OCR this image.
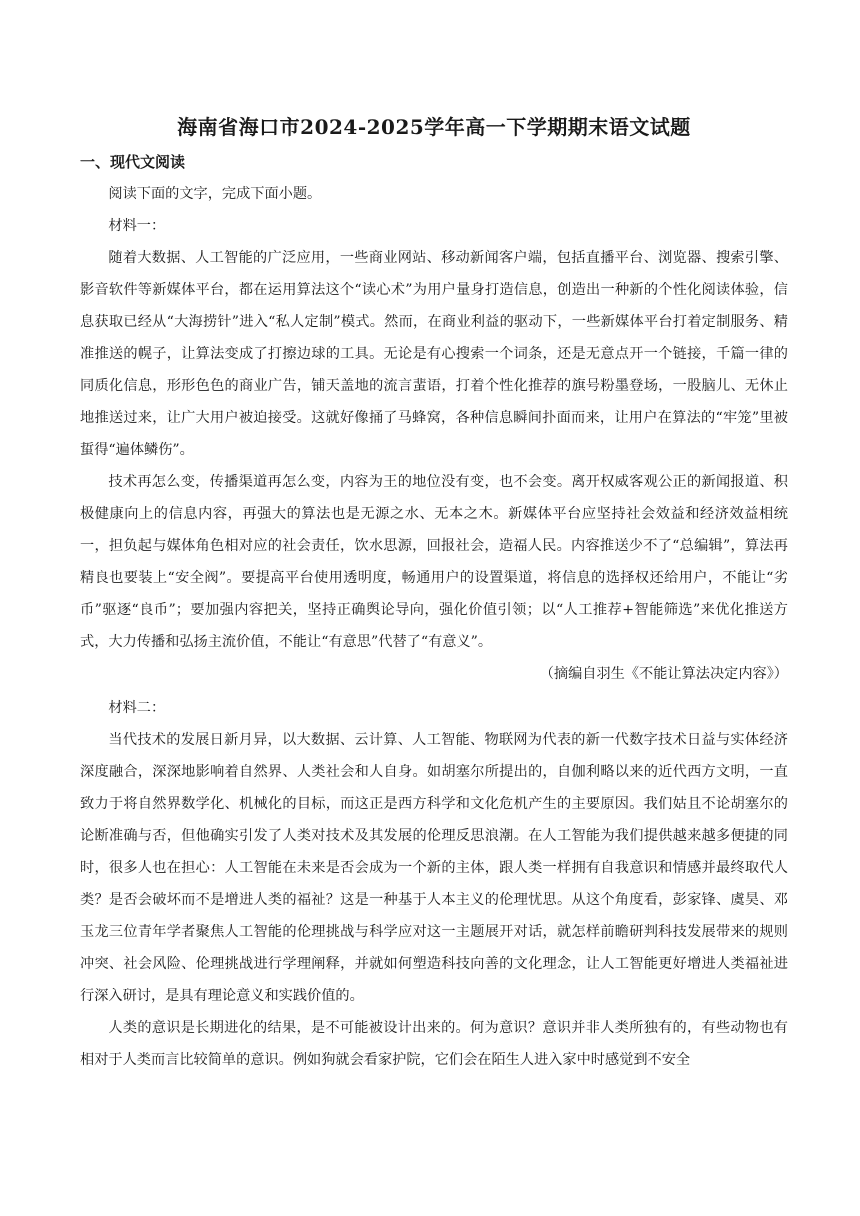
海南省海口市2024-2025学年高一下学期期末语文试题
一、现代文阅读

阅读下面的文字，完成下面小题。

材料一：

随着大数据、人工智能的广泛应用，一些商业网站、移动新闻客户端，包括直播平台、浏览器、搜索引擎、影音软件等新媒体平台，都在运用算法这个“读心术”为用户量身打造信息，创造出一种新的个性化阅读体验，信息获取已经从“大海捞针”进入“私人定制”模式。然而，在商业利益的驱动下，一些新媒体平台打着定制服务、精准推送的幌子，让算法变成了打擦边球的工具。无论是有心搜索一个词条，还是无意点开一个链接，千篇一律的同质化信息，形形色色的商业广告，铺天盖地的流言蜚语，打着个性化推荐的旗号粉墨登场，一股脑儿、无休止地推送过来，让广大用户被迫接受。这就好像捅了马蜂窝，各种信息瞬间扑面而来，让用户在算法的“牢笼”里被蜇得“遍体鳞伤”。

技术再怎么变，传播渠道再怎么变，内容为王的地位没有变，也不会变。离开权威客观公正的新闻报道、积极健康向上的信息内容，再强大的算法也是无源之水、无本之木。新媒体平台应坚持社会效益和经济效益相统一，担负起与媒体角色相对应的社会责任，饮水思源，回报社会，造福人民。内容推送少不了“总编辑”，算法再精良也要装上“安全阀”。要提高平台使用透明度，畅通用户的设置渠道，将信息的选择权还给用户，不能让“劣币”驱逐“良币”；要加强内容把关，坚持正确舆论导向，强化价值引领；以“人工推荐+智能筛选”来优化推送方式，大力传播和弘扬主流价值，不能让“有意思”代替了“有意义”。

（摘编自羽生《不能让算法决定内容》）

材料二：

当代技术的发展日新月异，以大数据、云计算、人工智能、物联网为代表的新一代数字技术日益与实体经济深度融合，深深地影响着自然界、人类社会和人自身。如胡塞尔所提出的，自伽利略以来的近代西方文明，一直致力于将自然界数学化、机械化的目标，而这正是西方科学和文化危机产生的主要原因。我们姑且不论胡塞尔的论断准确与否，但他确实引发了人类对技术及其发展的伦理反思浪潮。在人工智能为我们提供越来越多便捷的同时，很多人也在担心：人工智能在未来是否会成为一个新的主体，跟人类一样拥有自我意识和情感并最终取代人类？是否会破坏而不是增进人类的福祉？这是一种基于人本主义的伦理忧思。从这个角度看，彭家锋、虞昊、邓玉龙三位青年学者聚焦人工智能的伦理挑战与科学应对这一主题展开对话，就怎样前瞻研判科技发展带来的规则冲突、社会风险、伦理挑战进行学理阐释，并就如何塑造科技向善的文化理念，让人工智能更好增进人类福祉进行深入研讨，是具有理论意义和实践价值的。

人类的意识是长期进化的结果，是不可能被设计出来的。何为意识？意识并非人类所独有的，有些动物也有相对于人类而言比较简单的意识。例如狗就会看家护院，它们会在陌生人进入家中时感觉到不安全
